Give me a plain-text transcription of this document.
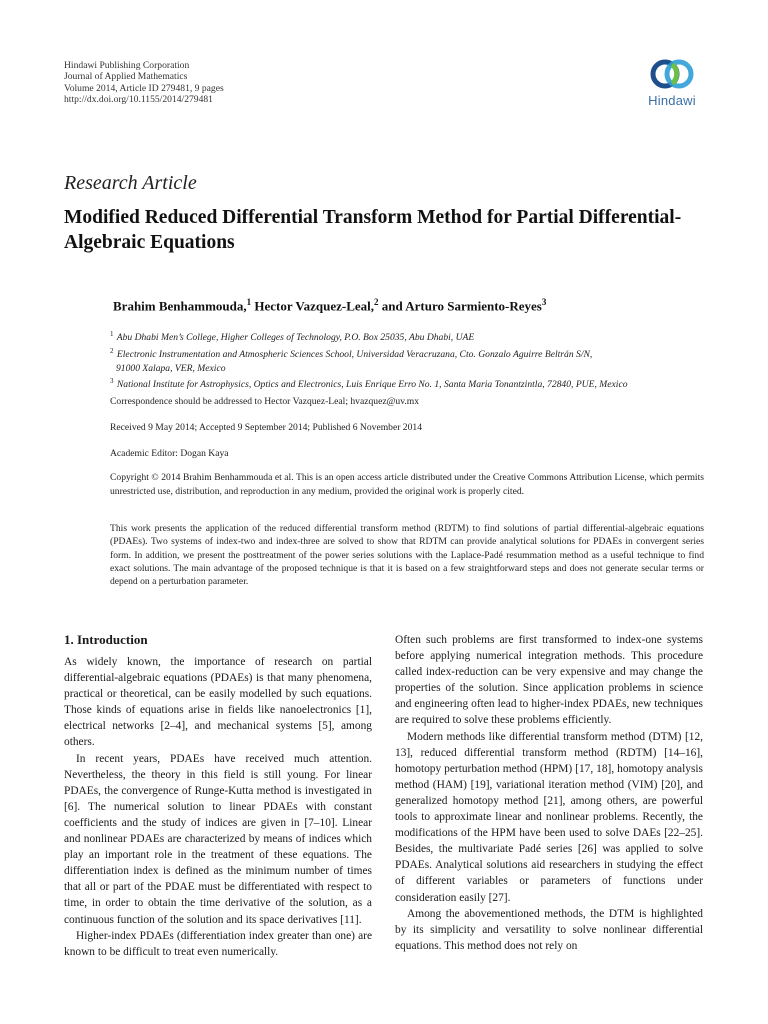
Hindawi Publishing Corporation
Journal of Applied Mathematics
Volume 2014, Article ID 279481, 9 pages
http://dx.doi.org/10.1155/2014/279481	Hindawi
Research Article
Modified Reduced Differential Transform Method for Partial Differential-Algebraic Equations
Brahim Benhammouda,$^1$ Hector Vazquez-Leal,$^2$ and Arturo Sarmiento-Reyes$^3$
$^1$ Abu Dhabi Men’s College, Higher Colleges of Technology, P.O. Box 25035, Abu Dhabi, UAE
$^2$ Electronic Instrumentation and Atmospheric Sciences School, Universidad Veracruzana, Cto. Gonzalo Aguirre Beltrán S/N,
91000 Xalapa, VER, Mexico
$^3$ National Institute for Astrophysics, Optics and Electronics, Luis Enrique Erro No. 1, Santa Maria Tonantzintla, 72840, PUE, Mexico
Correspondence should be addressed to Hector Vazquez-Leal; hvazquez@uv.mx
Received 9 May 2014; Accepted 9 September 2014; Published 6 November 2014
Academic Editor: Dogan Kaya
Copyright © 2014 Brahim Benhammouda et al. This is an open access article distributed under the Creative Commons Attribution License, which permits unrestricted use, distribution, and reproduction in any medium, provided the original work is properly cited.
This work presents the application of the reduced differential transform method (RDTM) to find solutions of partial differential-algebraic equations (PDAEs). Two systems of index-two and index-three are solved to show that RDTM can provide analytical solutions for PDAEs in convergent series form. In addition, we present the posttreatment of the power series solutions with the Laplace-Padé resummation method as a useful technique to find exact solutions. The main advantage of the proposed technique is that it is based on a few straightforward steps and does not generate secular terms or depend on a perturbation parameter.
1. Introduction

As widely known, the importance of research on partial differential-algebraic equations (PDAEs) is that many phenomena, practical or theoretical, can be easily modelled by such equations. Those kinds of equations arise in fields like nanoelectronics [1], electrical networks [2–4], and mechanical systems [5], among others.

In recent years, PDAEs have received much attention. Nevertheless, the theory in this field is still young. For linear PDAEs, the convergence of Runge-Kutta method is investigated in [6]. The numerical solution to linear PDAEs with constant coefficients and the study of indices are given in [7–10]. Linear and nonlinear PDAEs are characterized by means of indices which play an important role in the treatment of these equations. The differentiation index is defined as the minimum number of times that all or part of the PDAE must be differentiated with respect to time, in order to obtain the time derivative of the solution, as a continuous function of the solution and its space derivatives [11].

Higher-index PDAEs (differentiation index greater than one) are known to be difficult to treat even numerically.

Often such problems are first transformed to index-one systems before applying numerical integration methods. This procedure called index-reduction can be very expensive and may change the properties of the solution. Since application problems in science and engineering often lead to higher-index PDAEs, new techniques are required to solve these problems efficiently.

Modern methods like differential transform method (DTM) [12, 13], reduced differential transform method (RDTM) [14–16], homotopy perturbation method (HPM) [17, 18], homotopy analysis method (HAM) [19], variational iteration method (VIM) [20], and generalized homotopy method [21], among others, are powerful tools to approximate linear and nonlinear problems. Recently, the modifications of the HPM have been used to solve DAEs [22–25]. Besides, the multivariate Padé series [26] was applied to solve PDAEs. Analytical solutions aid researchers in studying the effect of different variables or parameters of functions under consideration easily [27].

Among the abovementioned methods, the DTM is highlighted by its simplicity and versatility to solve nonlinear differential equations. This method does not rely on
